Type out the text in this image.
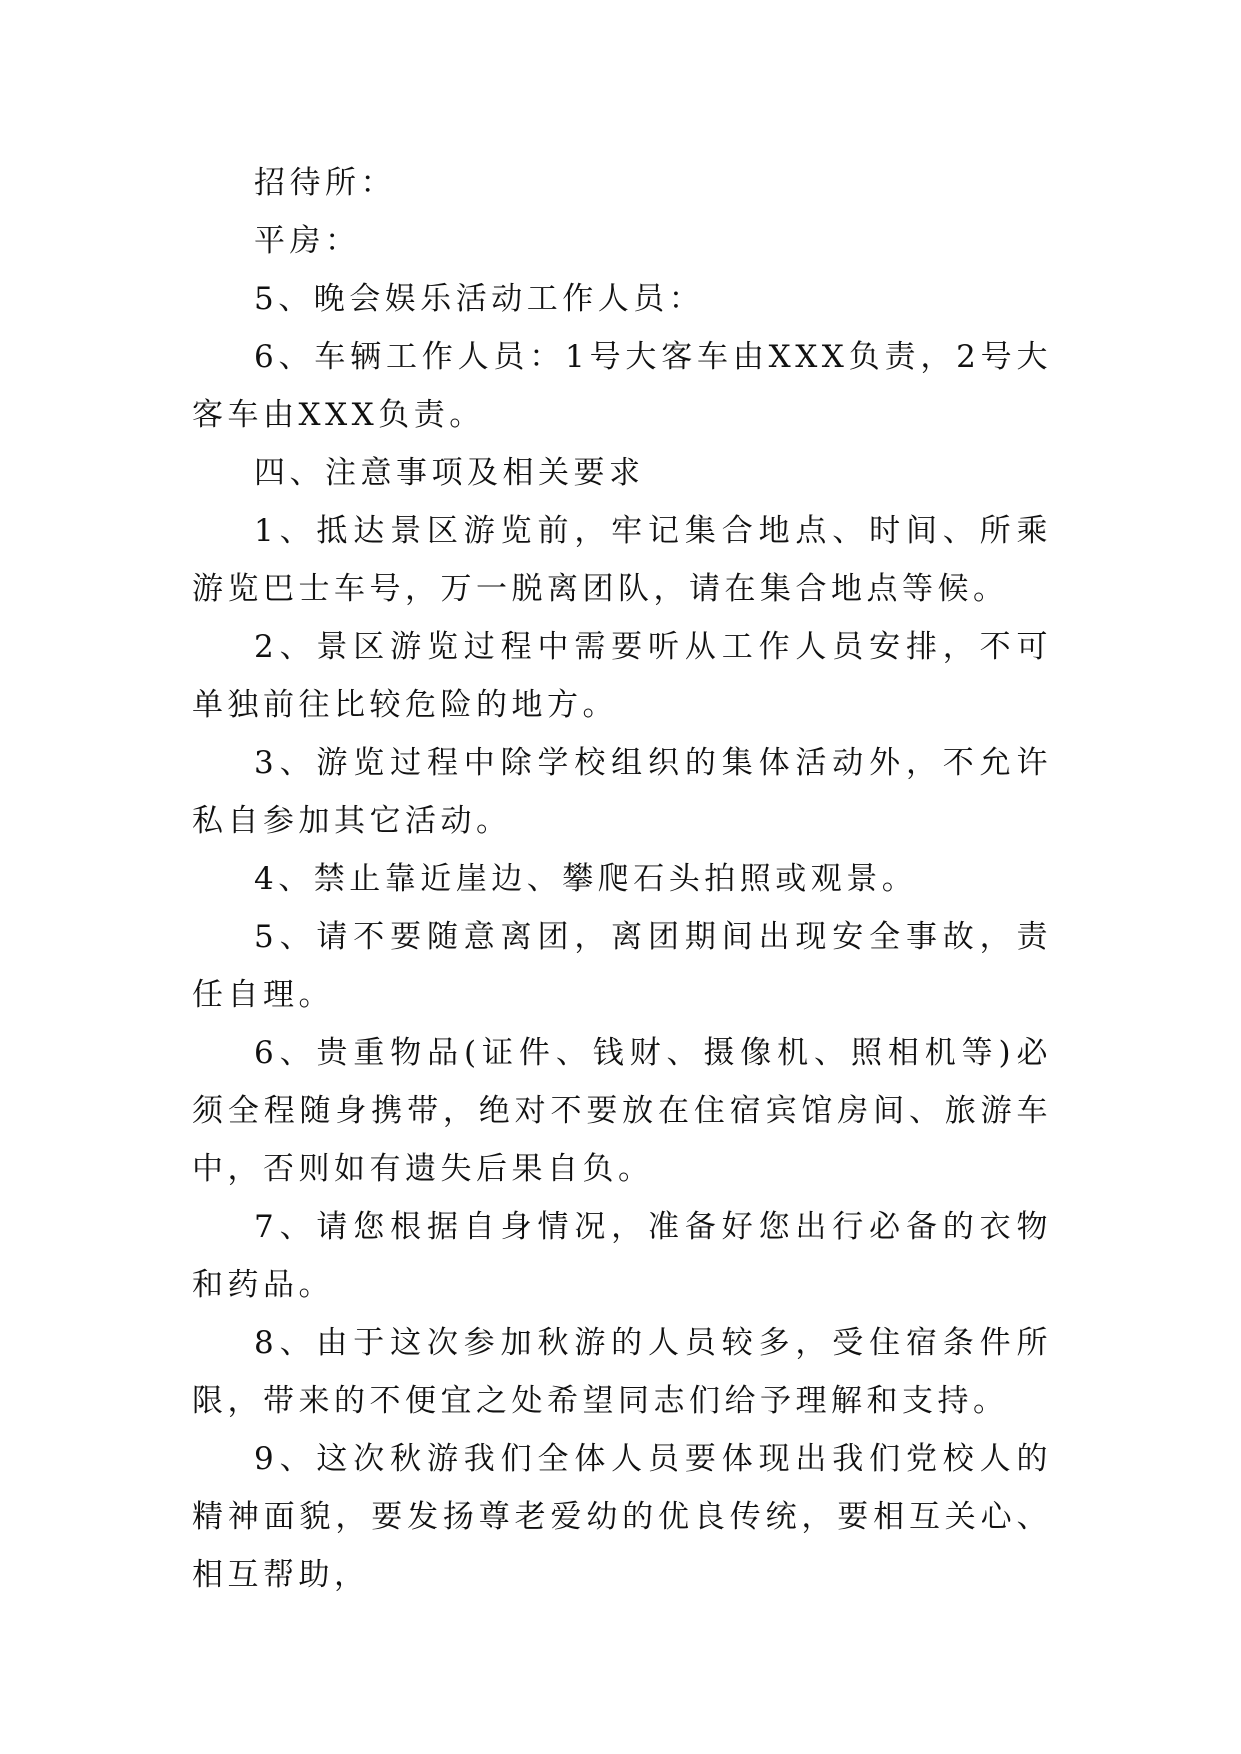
招待所：

平房：

5、晚会娱乐活动工作人员：

6、车辆工作人员：1号大客车由XXX负责，2号大客车由XXX负责。

四、注意事项及相关要求

1、抵达景区游览前，牢记集合地点、时间、所乘游览巴士车号，万一脱离团队，请在集合地点等候。

2、景区游览过程中需要听从工作人员安排，不可单独前往比较危险的地方。

3、游览过程中除学校组织的集体活动外，不允许私自参加其它活动。

4、禁止靠近崖边、攀爬石头拍照或观景。

5、请不要随意离团，离团期间出现安全事故，责任自理。

6、贵重物品(证件、钱财、摄像机、照相机等)必须全程随身携带，绝对不要放在住宿宾馆房间、旅游车中，否则如有遗失后果自负。

7、请您根据自身情况，准备好您出行必备的衣物和药品。

8、由于这次参加秋游的人员较多，受住宿条件所限，带来的不便宜之处希望同志们给予理解和支持。

9、这次秋游我们全体人员要体现出我们党校人的精神面貌，要发扬尊老爱幼的优良传统，要相互关心、相互帮助，
